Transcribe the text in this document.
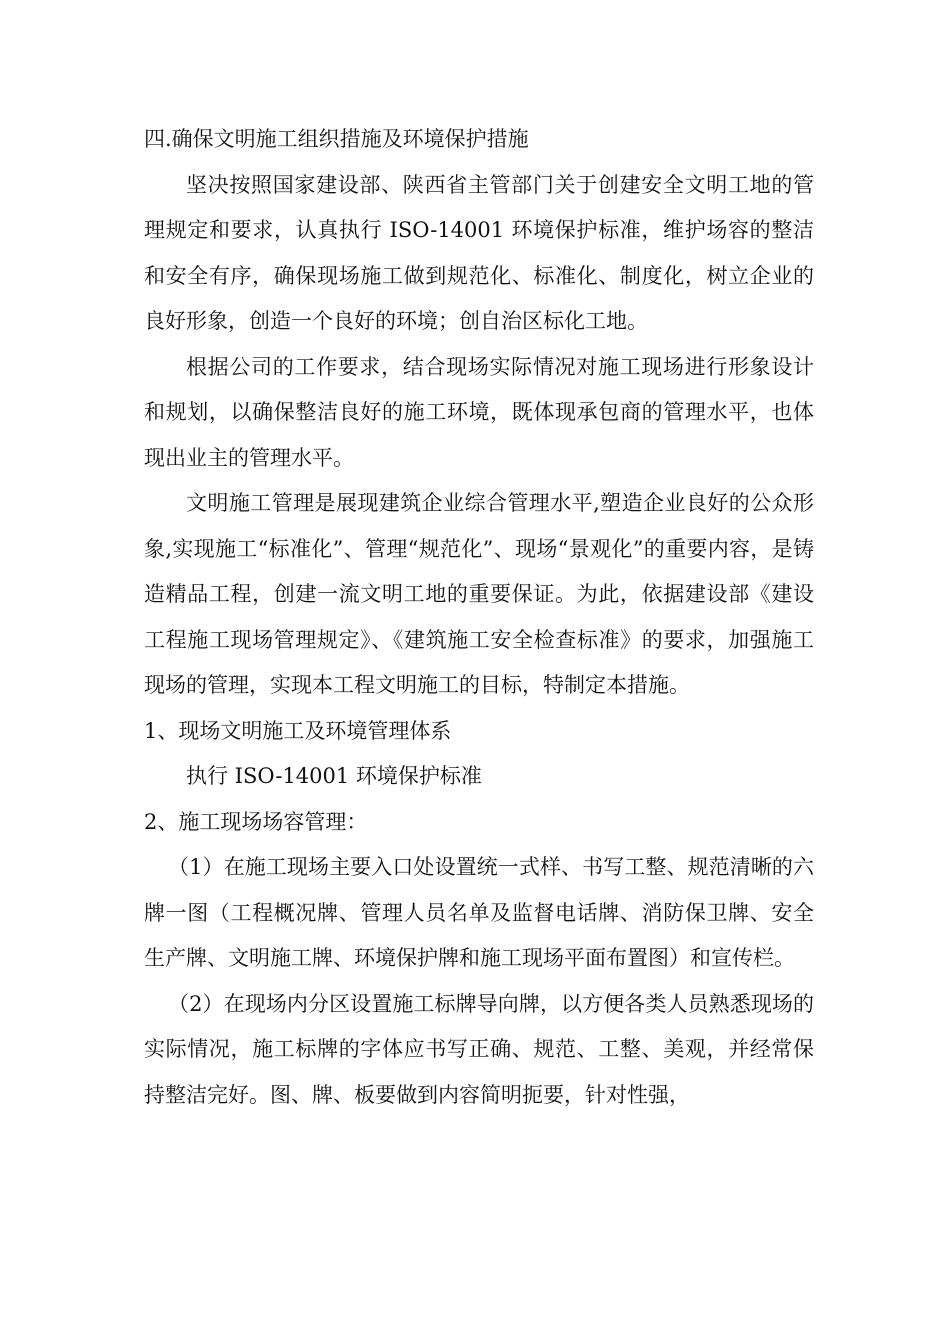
四.确保文明施工组织措施及环境保护措施

坚决按照国家建设部、陕西省主管部门关于创建安全文明工地的管理规定和要求，认真执行 ISO-14001 环境保护标准，维护场容的整洁和安全有序，确保现场施工做到规范化、标准化、制度化，树立企业的良好形象，创造一个良好的环境；创自治区标化工地。

根据公司的工作要求，结合现场实际情况对施工现场进行形象设计和规划，以确保整洁良好的施工环境，既体现承包商的管理水平，也体现出业主的管理水平。

文明施工管理是展现建筑企业综合管理水平,塑造企业良好的公众形象,实现施工“标准化”、管理“规范化”、现场“景观化”的重要内容，是铸造精品工程，创建一流文明工地的重要保证。为此，依据建设部《建设工程施工现场管理规定》、《建筑施工安全检查标准》的要求，加强施工现场的管理，实现本工程文明施工的目标，特制定本措施。

1、现场文明施工及环境管理体系

执行 ISO-14001 环境保护标准

2、施工现场场容管理：

（1）在施工现场主要入口处设置统一式样、书写工整、规范清晰的六牌一图（工程概况牌、管理人员名单及监督电话牌、消防保卫牌、安全生产牌、文明施工牌、环境保护牌和施工现场平面布置图）和宣传栏。

（2）在现场内分区设置施工标牌导向牌，以方便各类人员熟悉现场的实际情况，施工标牌的字体应书写正确、规范、工整、美观，并经常保持整洁完好。图、牌、板要做到内容简明扼要，针对性强，
